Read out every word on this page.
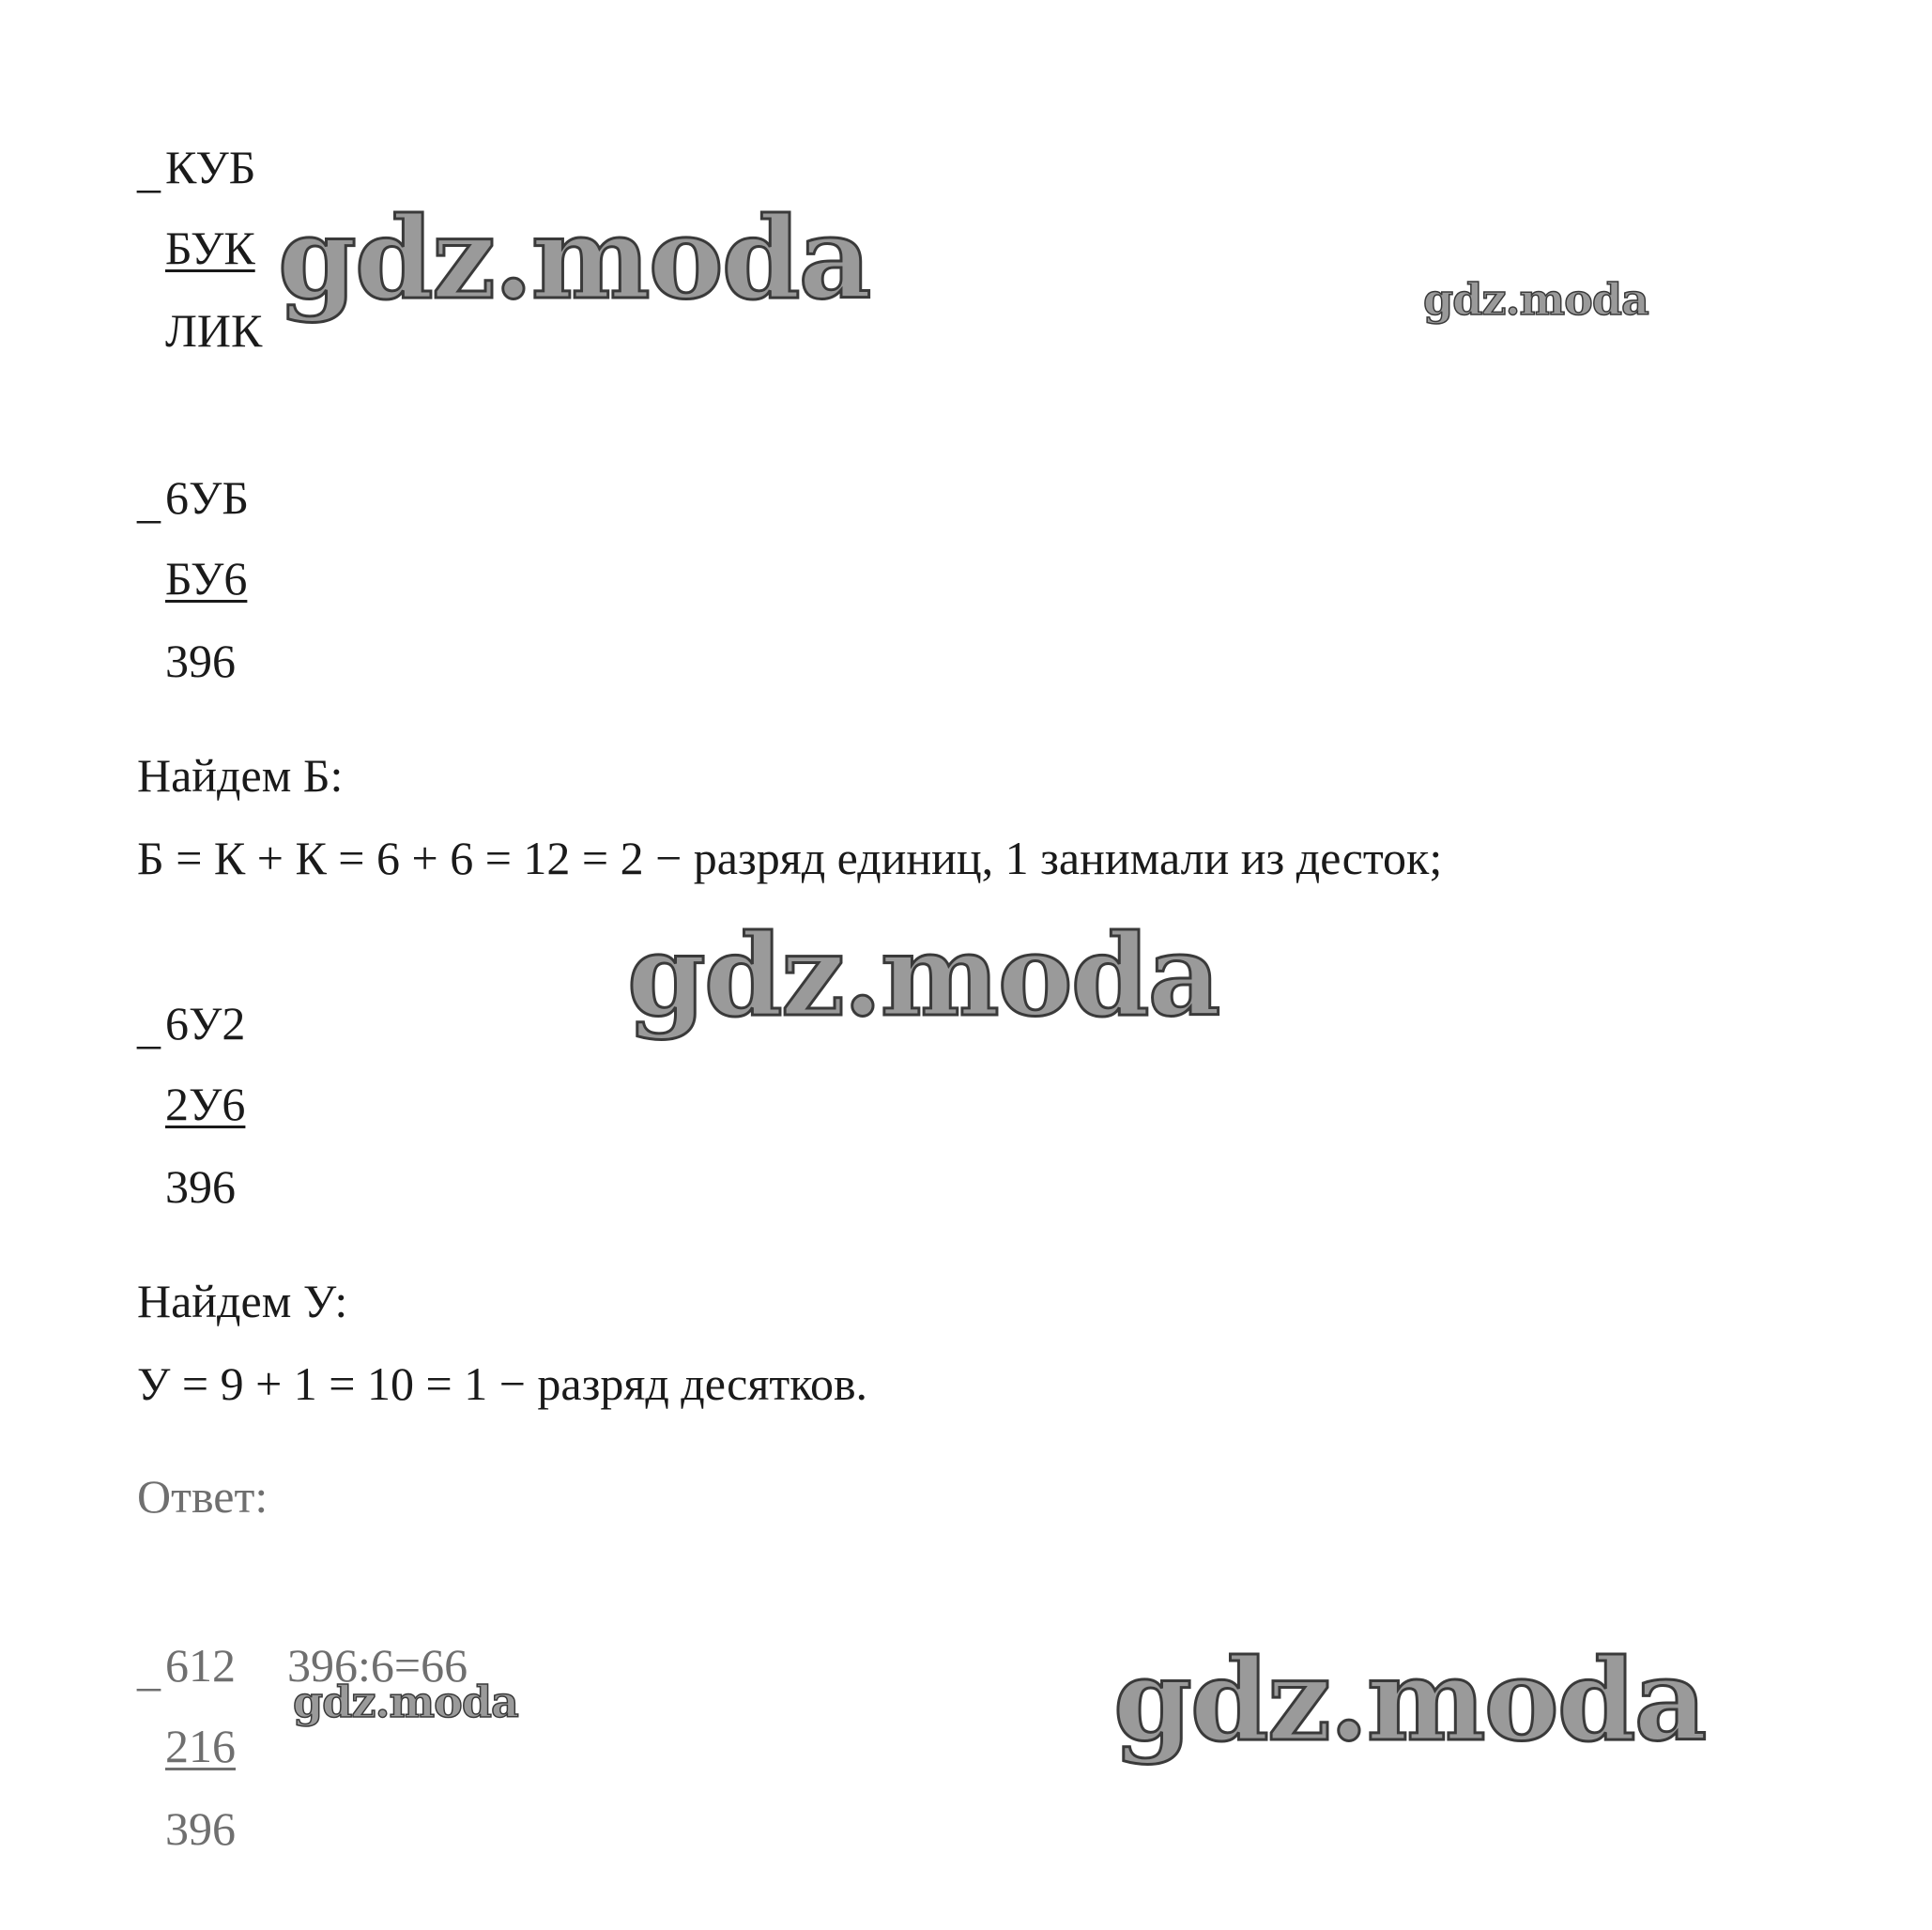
_ КУБ
БУК
ЛИК
_ 6УБ
БУ6
396
Найдем Б:
Б = К + К = 6 + 6 = 12 = 2 − разряд единиц, 1 занимали из десток;
_ 6У2
2У6
396
Найдем У:
У = 9 + 1 = 10 = 1 − разряд десятков.
Ответ:
_ 612 396:6=66
216
396
gdz.moda	gdz.moda
gdz.moda
gdz.moda	gdz.moda
